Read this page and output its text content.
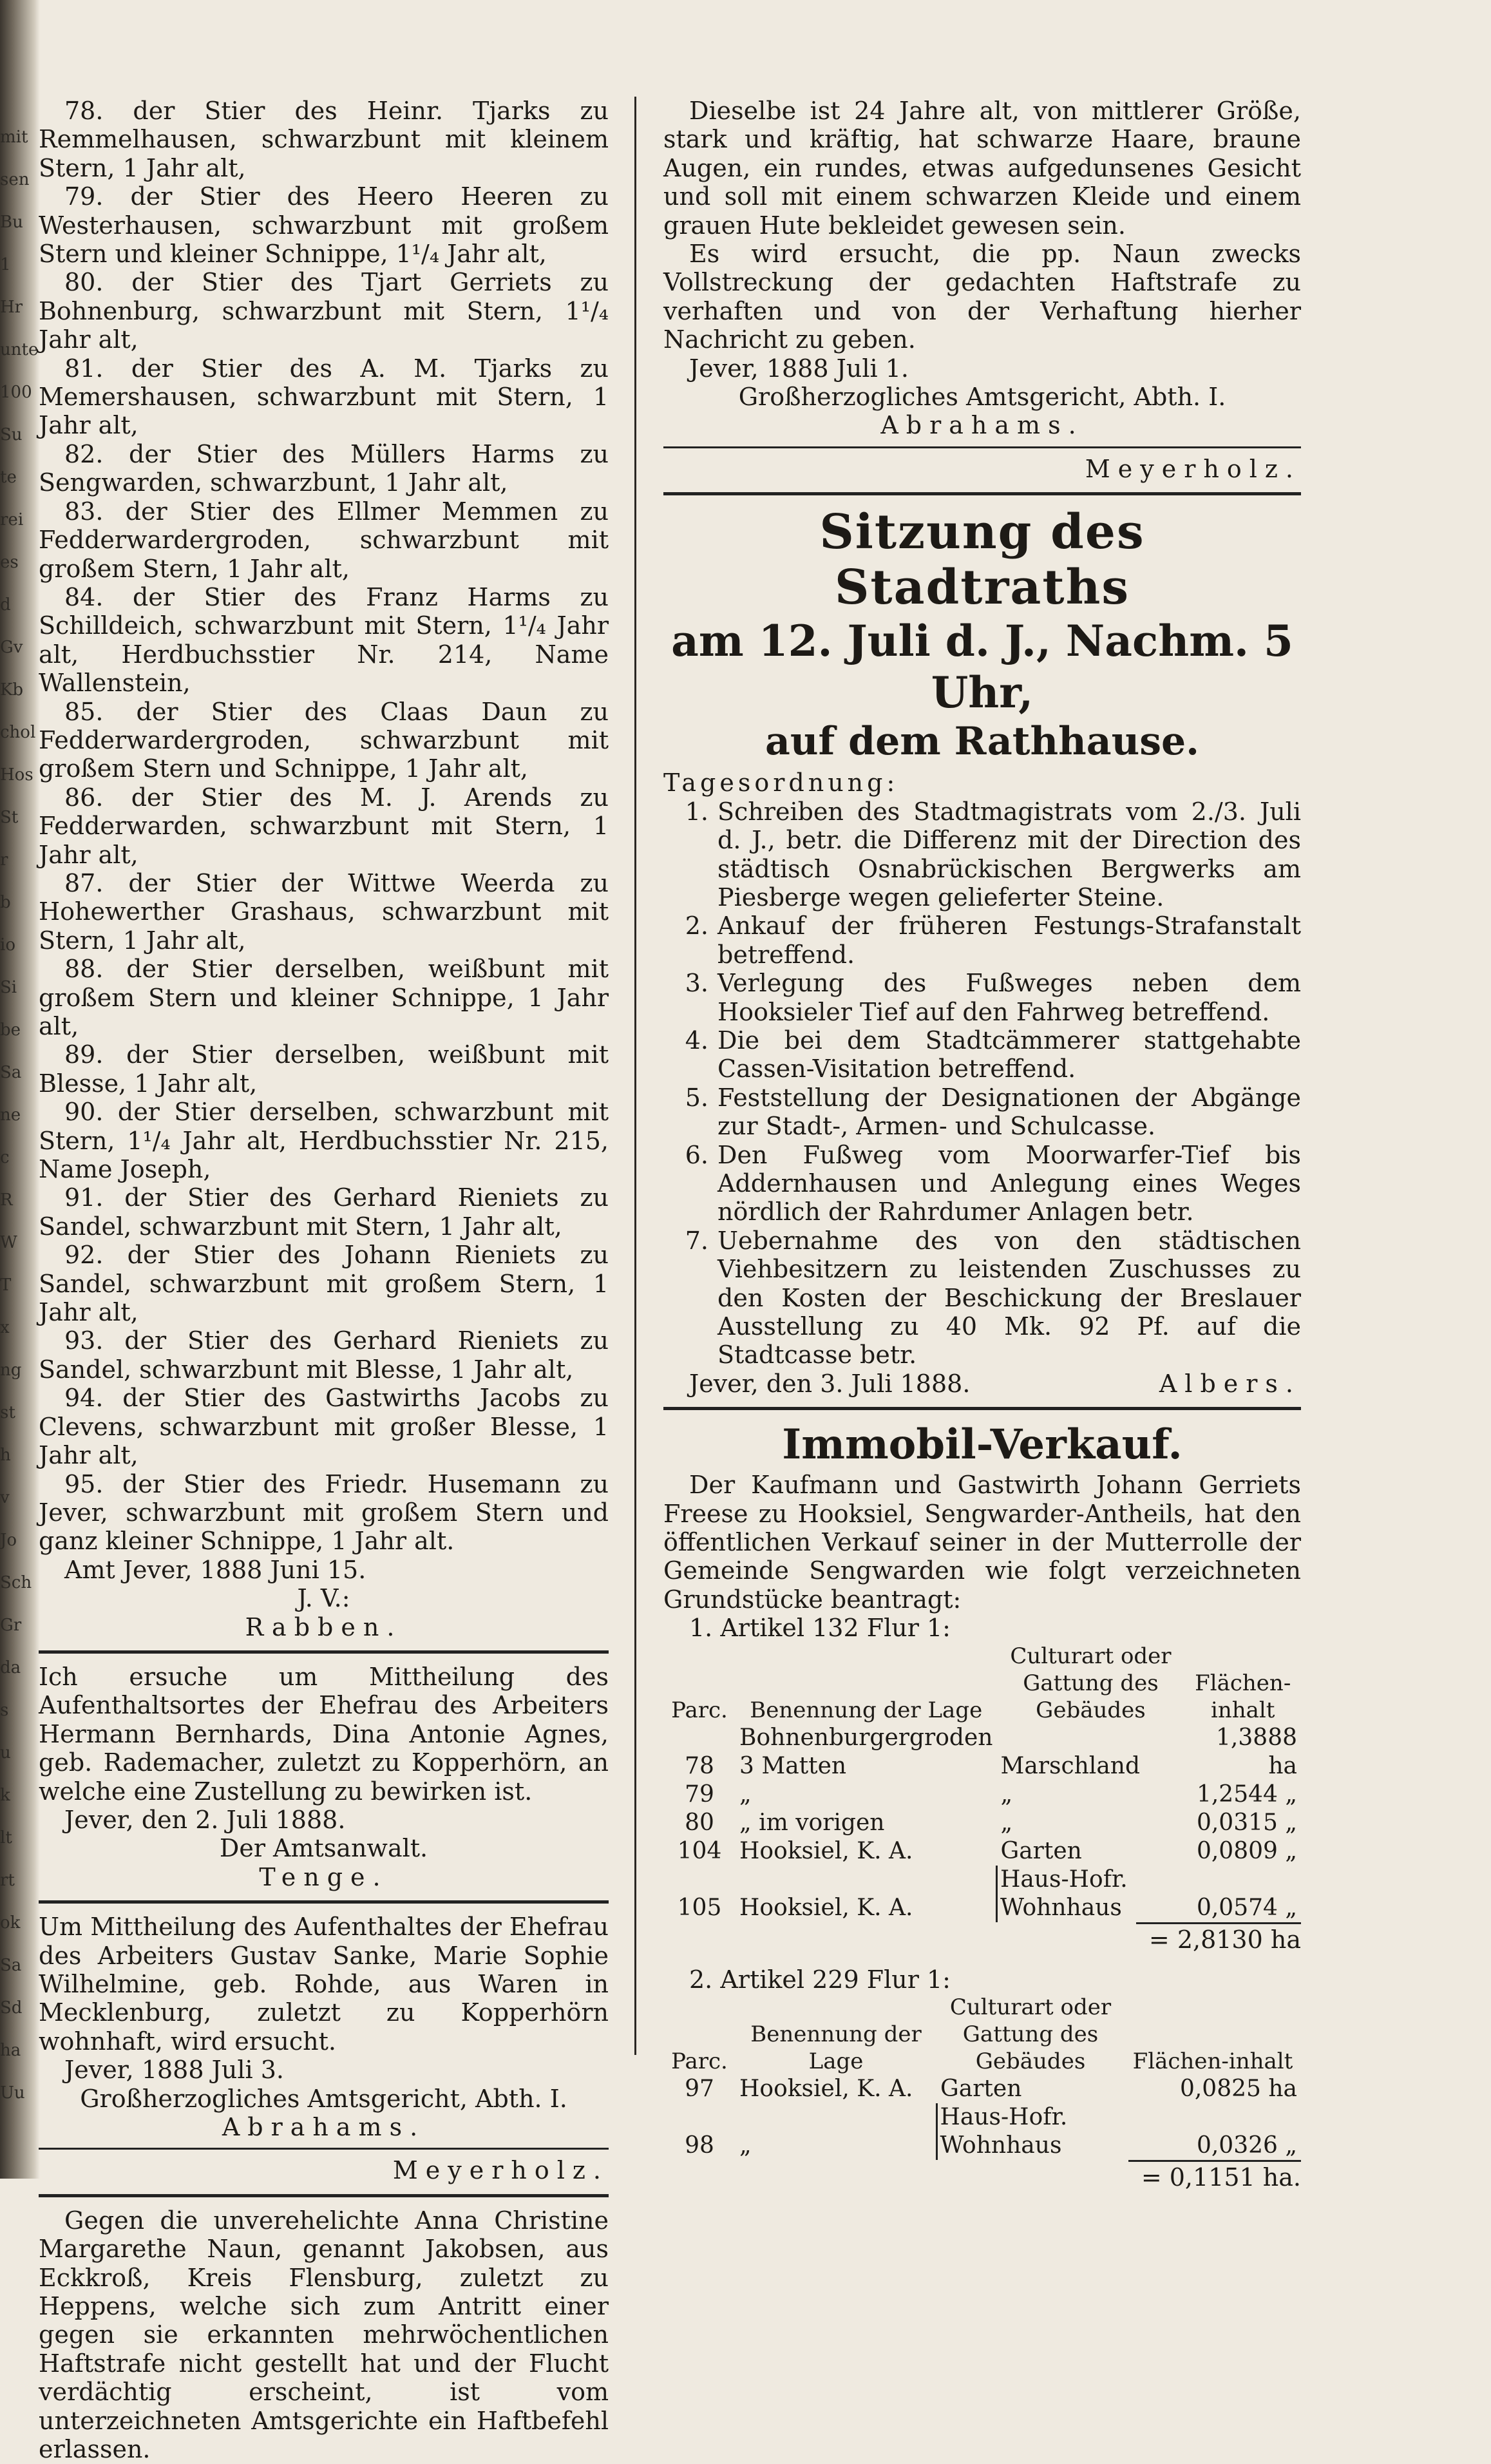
mit
sen
Bu
1
Hr
unte
100
Su
te
rei
es
d
Gv
Kb
chol
Hos
St
r
b
io
Si
be
Sa
ne
c
R
W
T
x
ng
st
h
v
Jo
Sch
Gr
da
s
u
k
lt
rt
ok
Sa
Sd
ha
Uu

78. der Stier des Heinr. Tjarks zu Remmelhausen, schwarzbunt mit kleinem Stern, 1 Jahr alt,

79. der Stier des Heero Heeren zu Westerhausen, schwarzbunt mit großem Stern und kleiner Schnippe, 1¹/₄ Jahr alt,

80. der Stier des Tjart Gerriets zu Bohnenburg, schwarzbunt mit Stern, 1¹/₄ Jahr alt,

81. der Stier des A. M. Tjarks zu Memershausen, schwarzbunt mit Stern, 1 Jahr alt,

82. der Stier des Müllers Harms zu Sengwarden, schwarzbunt, 1 Jahr alt,

83. der Stier des Ellmer Memmen zu Fedderwardergroden, schwarzbunt mit großem Stern, 1 Jahr alt,

84. der Stier des Franz Harms zu Schilldeich, schwarzbunt mit Stern, 1¹/₄ Jahr alt, Herdbuchsstier Nr. 214, Name Wallenstein,

85. der Stier des Claas Daun zu Fedderwardergroden, schwarzbunt mit großem Stern und Schnippe, 1 Jahr alt,

86. der Stier des M. J. Arends zu Fedderwarden, schwarzbunt mit Stern, 1 Jahr alt,

87. der Stier der Wittwe Weerda zu Hohewerther Grashaus, schwarzbunt mit Stern, 1 Jahr alt,

88. der Stier derselben, weißbunt mit großem Stern und kleiner Schnippe, 1 Jahr alt,

89. der Stier derselben, weißbunt mit Blesse, 1 Jahr alt,

90. der Stier derselben, schwarzbunt mit Stern, 1¹/₄ Jahr alt, Herdbuchsstier Nr. 215, Name Joseph,

91. der Stier des Gerhard Rieniets zu Sandel, schwarzbunt mit Stern, 1 Jahr alt,

92. der Stier des Johann Rieniets zu Sandel, schwarzbunt mit großem Stern, 1 Jahr alt,

93. der Stier des Gerhard Rieniets zu Sandel, schwarzbunt mit Blesse, 1 Jahr alt,

94. der Stier des Gastwirths Jacobs zu Clevens, schwarzbunt mit großer Blesse, 1 Jahr alt,

95. der Stier des Friedr. Husemann zu Jever, schwarzbunt mit großem Stern und ganz kleiner Schnippe, 1 Jahr alt.

Amt Jever, 1888 Juni 15.

J. V.:

Rabben.

Ich ersuche um Mittheilung des Aufenthaltsortes der Ehefrau des Arbeiters Hermann Bernhards, Dina Antonie Agnes, geb. Rademacher, zuletzt zu Kopperhörn, an welche eine Zustellung zu bewirken ist.

Jever, den 2. Juli 1888.

Der Amtsanwalt.

Tenge.

Um Mittheilung des Aufenthaltes der Ehefrau des Arbeiters Gustav Sanke, Marie Sophie Wilhelmine, geb. Rohde, aus Waren in Mecklenburg, zuletzt zu Kopperhörn wohnhaft, wird ersucht.

Jever, 1888 Juli 3.

Großherzogliches Amtsgericht, Abth. I.

Abrahams.

Meyerholz.

Gegen die unverehelichte Anna Christine Margarethe Naun, genannt Jakobsen, aus Eckkroß, Kreis Flensburg, zuletzt zu Heppens, welche sich zum Antritt einer gegen sie erkannten mehrwöchentlichen Haftstrafe nicht gestellt hat und der Flucht verdächtig erscheint, ist vom unterzeichneten Amtsgerichte ein Haftbefehl erlassen.

Dieselbe ist 24 Jahre alt, von mittlerer Größe, stark und kräftig, hat schwarze Haare, braune Augen, ein rundes, etwas aufgedunsenes Gesicht und soll mit einem schwarzen Kleide und einem grauen Hute bekleidet gewesen sein.

Es wird ersucht, die pp. Naun zwecks Vollstreckung der gedachten Haftstrafe zu verhaften und von der Verhaftung hierher Nachricht zu geben.

Jever, 1888 Juli 1.

Großherzogliches Amtsgericht, Abth. I.

Abrahams.

Meyerholz.

Sitzung des Stadtraths

am 12. Juli d. J., Nachm. 5 Uhr,

auf dem Rathhause.

Tagesordnung:

1. Schreiben des Stadtmagistrats vom 2./3. Juli d. J., betr. die Differenz mit der Direction des städtisch Osnabrückischen Bergwerks am Piesberge wegen gelieferter Steine.
2. Ankauf der früheren Festungs-Strafanstalt betreffend.
3. Verlegung des Fußweges neben dem Hooksieler Tief auf den Fahrweg betreffend.
4. Die bei dem Stadtcämmerer stattgehabte Cassen-Visitation betreffend.
5. Feststellung der Designationen der Abgänge zur Stadt-, Armen- und Schulcasse.
6. Den Fußweg vom Moorwarfer-Tief bis Addernhausen und Anlegung eines Weges nördlich der Rahrdumer Anlagen betr.
7. Uebernahme des von den städtischen Viehbesitzern zu leistenden Zuschusses zu den Kosten der Beschickung der Breslauer Ausstellung zu 40 Mk. 92 Pf. auf die Stadtcasse betr.

Jever, den 3. Juli 1888.	Albers.

Immobil-Verkauf.

Der Kaufmann und Gastwirth Johann Gerriets Freese zu Hooksiel, Sengwarder-Antheils, hat den öffentlichen Verkauf seiner in der Mutterrolle der Gemeinde Sengwarden wie folgt verzeichneten Grundstücke beantragt:

1. Artikel 132 Flur 1:

Parc.	Benennung der Lage	Culturart oder Gattung des Gebäudes	Flächen-inhalt
78	Bohnenburgergroden 3 Matten	Marschland	1,3888 ha
79	„	„	1,2544 „
80	„ im vorigen	„	0,0315 „
104	Hooksiel, K. A.	Garten	0,0809 „
105	Hooksiel, K. A.	Haus-Hofr. Wohnhaus	0,0574 „
= 2,8130 ha

2. Artikel 229 Flur 1:

Parc.	Benennung der Lage	Culturart oder Gattung des Gebäudes	Flächen-inhalt
97	Hooksiel, K. A.	Garten	0,0825 ha
98	„	Haus-Hofr. Wohnhaus	0,0326 „
= 0,1151 ha.
